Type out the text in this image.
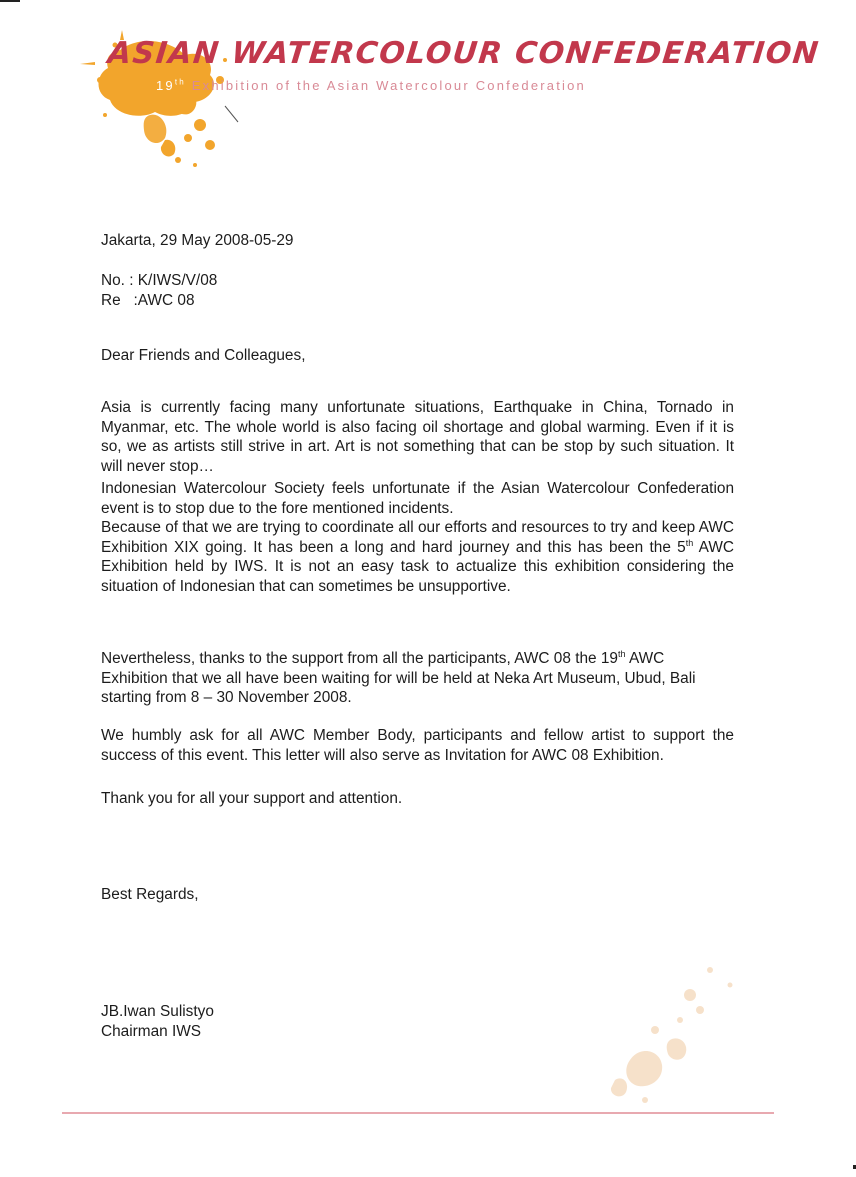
ASIAN WATERCOLOUR CONFEDERATION
19th Exhibition of the Asian Watercolour Confederation
Jakarta, 29 May 2008-05-29
No. : K/IWS/V/08
Re   :AWC 08
Dear Friends and Colleagues,

Asia is currently facing many unfortunate situations, Earthquake in China, Tornado in Myanmar, etc. The whole world is also facing oil shortage and global warming. Even if it is so, we as artists still strive in art. Art is not something that can be stop by such situation. It will never stop…

Indonesian Watercolour Society feels unfortunate if the Asian Watercolour Confederation event is to stop due to the fore mentioned incidents.

Because of that we are trying to coordinate all our efforts and resources to try and keep AWC Exhibition XIX going. It has been a long and hard journey and this has been the 5th AWC Exhibition held by IWS. It is not an easy task to actualize this exhibition considering the situation of Indonesian that can sometimes be unsupportive.

Nevertheless, thanks to the support from all the participants, AWC 08 the 19th AWC Exhibition that we all have been waiting for will be held at Neka Art Museum, Ubud, Bali starting from 8 – 30 November 2008.

We humbly ask for all AWC Member Body, participants and fellow artist to support the success of this event. This letter will also serve as Invitation for AWC 08 Exhibition.

Thank you for all your support and attention.
Best Regards,
JB.Iwan Sulistyo
Chairman IWS
